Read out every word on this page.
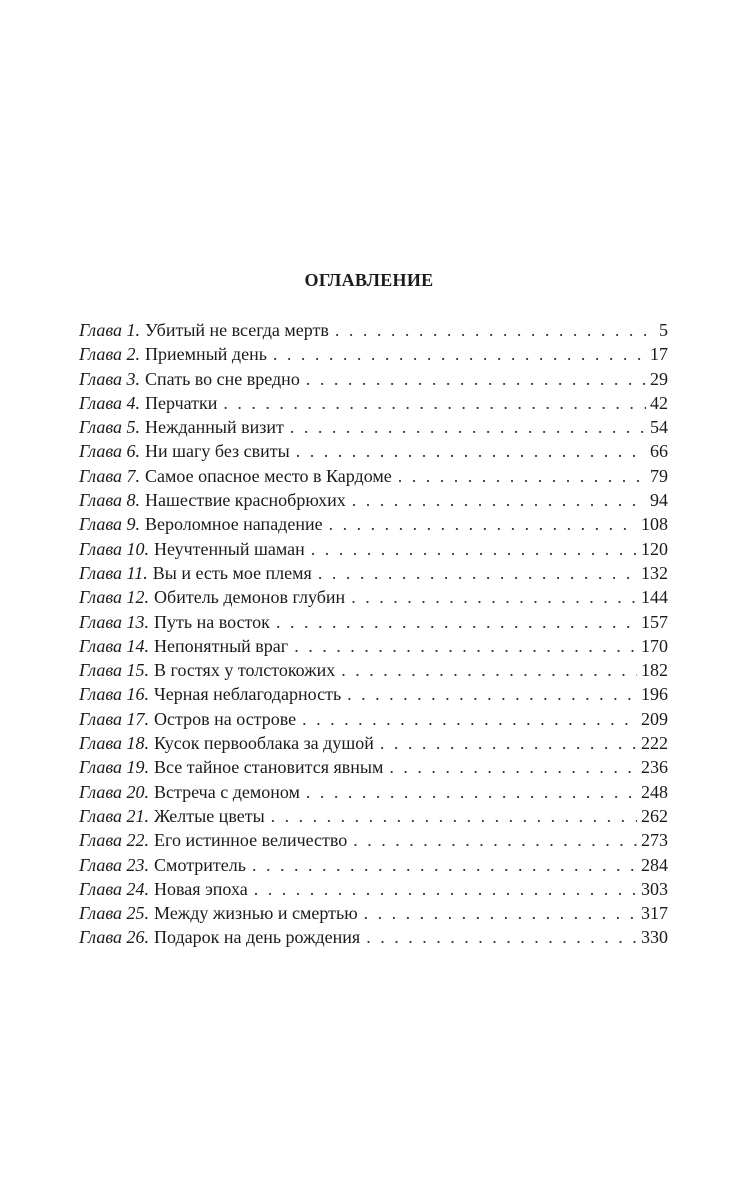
ОГЛАВЛЕНИЕ
Глава 1. Убитый не всегда мертв . . .	5
Глава 2. Приемный день . . .	17
Глава 3. Спать во сне вредно . . .	29
Глава 4. Перчатки . . .	42
Глава 5. Нежданный визит . . .	54
Глава 6. Ни шагу без свиты . . .	66
Глава 7. Самое опасное место в Кардоме . . .	79
Глава 8. Нашествие краснобрюхих . . .	94
Глава 9. Вероломное нападение . . .	108
Глава 10. Неучтенный шаман . . .	120
Глава 11. Вы и есть мое племя . . .	132
Глава 12. Обитель демонов глубин . . .	144
Глава 13. Путь на восток . . .	157
Глава 14. Непонятный враг . . .	170
Глава 15. В гостях у толстокожих . . .	182
Глава 16. Черная неблагодарность . . .	196
Глава 17. Остров на острове . . .	209
Глава 18. Кусок первооблака за душой . . .	222
Глава 19. Все тайное становится явным . . .	236
Глава 20. Встреча с демоном . . .	248
Глава 21. Желтые цветы . . .	262
Глава 22. Его истинное величество . . .	273
Глава 23. Смотритель . . .	284
Глава 24. Новая эпоха . . .	303
Глава 25. Между жизнью и смертью . . .	317
Глава 26. Подарок на день рождения . . .	330
